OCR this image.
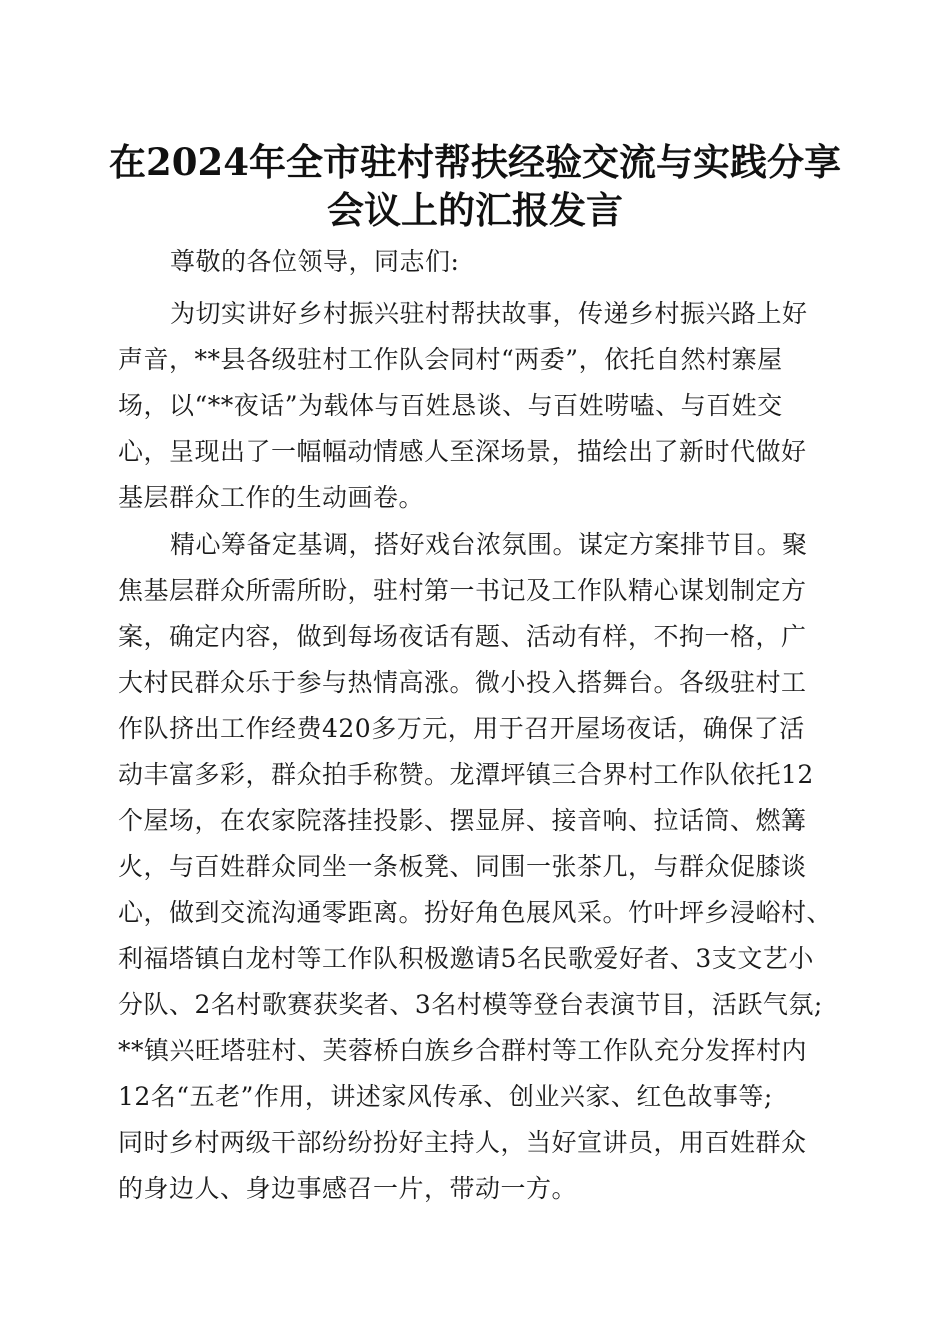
在2024年全市驻村帮扶经验交流与实践分享
会议上的汇报发言
尊敬的各位领导，同志们:
为切实讲好乡村振兴驻村帮扶故事，传递乡村振兴路上好
声音，**县各级驻村工作队会同村“两委”，依托自然村寨屋
场，以“**夜话”为载体与百姓恳谈、与百姓唠嗑、与百姓交
心，呈现出了一幅幅动情感人至深场景，描绘出了新时代做好
基层群众工作的生动画卷。
精心筹备定基调，搭好戏台浓氛围。谋定方案排节目。聚
焦基层群众所需所盼，驻村第一书记及工作队精心谋划制定方
案，确定内容，做到每场夜话有题、活动有样，不拘一格，广
大村民群众乐于参与热情高涨。微小投入搭舞台。各级驻村工
作队挤出工作经费420多万元，用于召开屋场夜话，确保了活
动丰富多彩，群众拍手称赞。龙潭坪镇三合界村工作队依托12
个屋场，在农家院落挂投影、摆显屏、接音响、拉话筒、燃篝
火，与百姓群众同坐一条板凳、同围一张茶几，与群众促膝谈
心，做到交流沟通零距离。扮好角色展风采。竹叶坪乡浸峪村、
利福塔镇白龙村等工作队积极邀请5名民歌爱好者、3支文艺小
分队、2名村歌赛获奖者、3名村模等登台表演节目，活跃气氛;
**镇兴旺塔驻村、芙蓉桥白族乡合群村等工作队充分发挥村内
12名“五老”作用，讲述家风传承、创业兴家、红色故事等;
同时乡村两级干部纷纷扮好主持人，当好宣讲员，用百姓群众
的身边人、身边事感召一片，带动一方。
